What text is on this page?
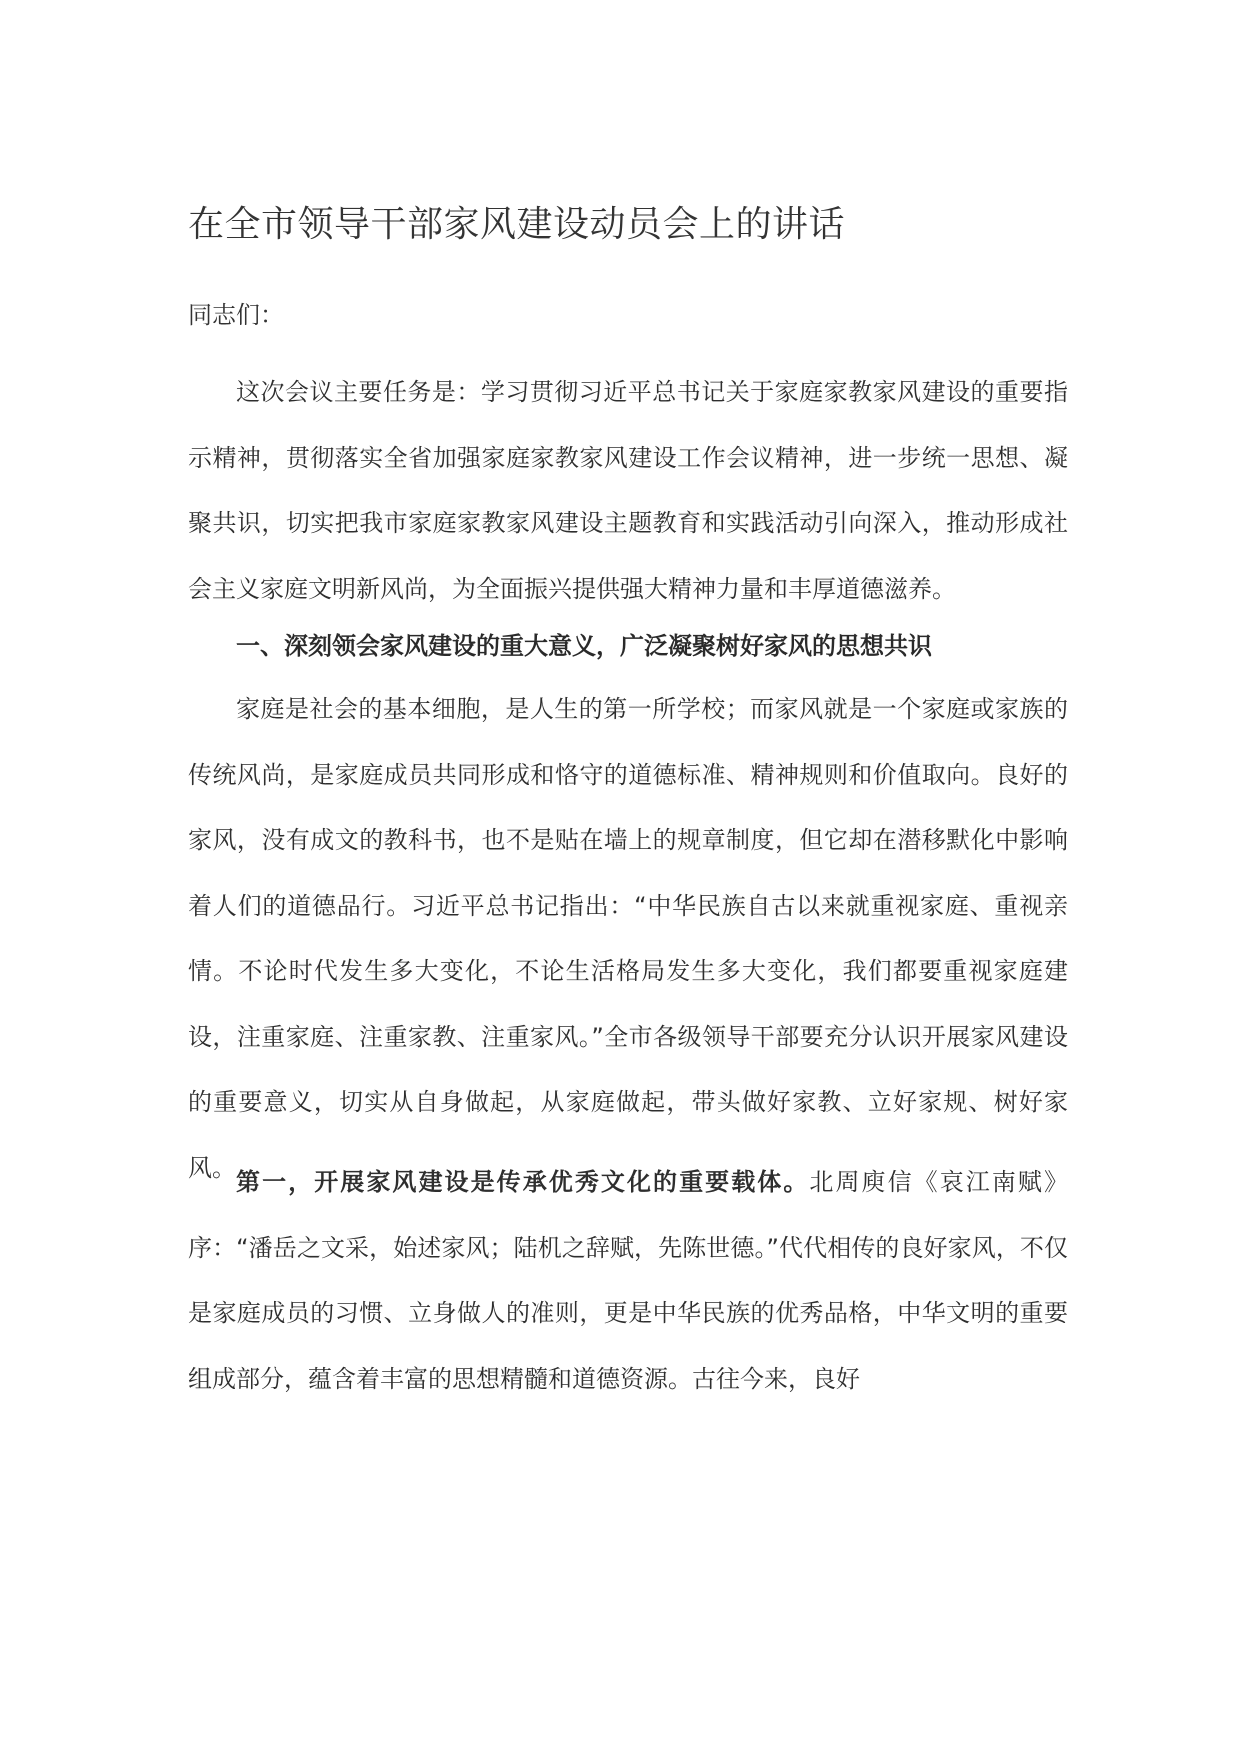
在全市领导干部家风建设动员会上的讲话
同志们：

这次会议主要任务是：学习贯彻习近平总书记关于家庭家教家风建设的重要指示精神，贯彻落实全省加强家庭家教家风建设工作会议精神，进一步统一思想、凝聚共识，切实把我市家庭家教家风建设主题教育和实践活动引向深入，推动形成社会主义家庭文明新风尚，为全面振兴提供强大精神力量和丰厚道德滋养。

一、深刻领会家风建设的重大意义，广泛凝聚树好家风的思想共识

家庭是社会的基本细胞，是人生的第一所学校；而家风就是一个家庭或家族的传统风尚，是家庭成员共同形成和恪守的道德标准、精神规则和价值取向。良好的家风，没有成文的教科书，也不是贴在墙上的规章制度，但它却在潜移默化中影响着人们的道德品行。习近平总书记指出：“中华民族自古以来就重视家庭、重视亲情。不论时代发生多大变化，不论生活格局发生多大变化，我们都要重视家庭建设，注重家庭、注重家教、注重家风。”全市各级领导干部要充分认识开展家风建设的重要意义，切实从自身做起，从家庭做起，带头做好家教、立好家规、树好家风。

第一，开展家风建设是传承优秀文化的重要载体。北周庾信《哀江南赋》序：“潘岳之文采，始述家风；陆机之辞赋，先陈世德。”代代相传的良好家风，不仅是家庭成员的习惯、立身做人的准则，更是中华民族的优秀品格，中华文明的重要组成部分，蕴含着丰富的思想精髓和道德资源。古往今来，良好
